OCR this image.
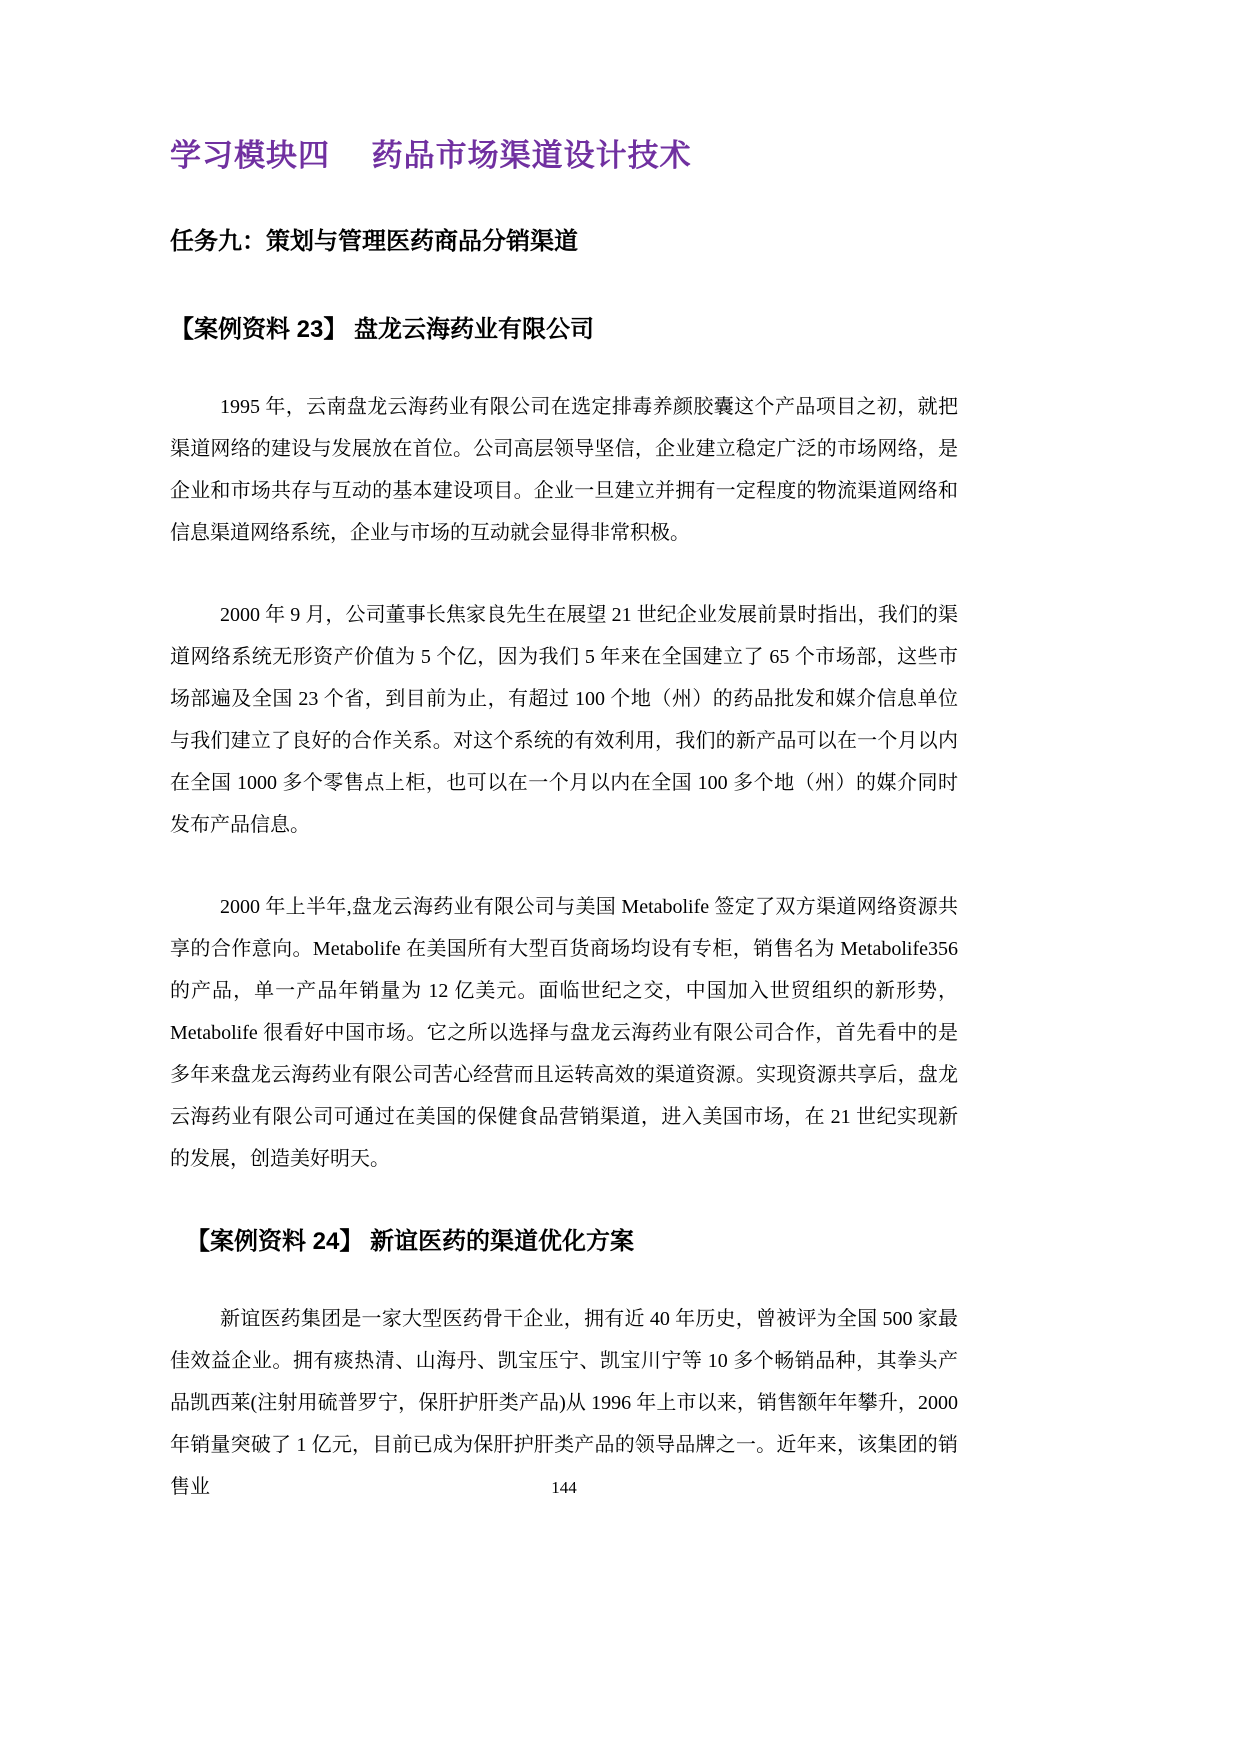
学习模块四　 药品市场渠道设计技术
任务九：策划与管理医药商品分销渠道
【案例资料 23】 盘龙云海药业有限公司

1995 年，云南盘龙云海药业有限公司在选定排毒养颜胶囊这个产品项目之初，就把渠道网络的建设与发展放在首位。公司高层领导坚信，企业建立稳定广泛的市场网络，是企业和市场共存与互动的基本建设项目。企业一旦建立并拥有一定程度的物流渠道网络和信息渠道网络系统，企业与市场的互动就会显得非常积极。

2000 年 9 月，公司董事长焦家良先生在展望 21 世纪企业发展前景时指出，我们的渠道网络系统无形资产价值为 5 个亿，因为我们 5 年来在全国建立了 65 个市场部，这些市场部遍及全国 23 个省，到目前为止，有超过 100 个地（州）的药品批发和媒介信息单位与我们建立了良好的合作关系。对这个系统的有效利用，我们的新产品可以在一个月以内在全国 1000 多个零售点上柜，也可以在一个月以内在全国 100 多个地（州）的媒介同时发布产品信息。

2000 年上半年,盘龙云海药业有限公司与美国 Metabolife 签定了双方渠道网络资源共享的合作意向。Metabolife 在美国所有大型百货商场均设有专柜，销售名为 Metabolife356 的产品，单一产品年销量为 12 亿美元。面临世纪之交，中国加入世贸组织的新形势，Metabolife 很看好中国市场。它之所以选择与盘龙云海药业有限公司合作，首先看中的是多年来盘龙云海药业有限公司苦心经营而且运转高效的渠道资源。实现资源共享后，盘龙云海药业有限公司可通过在美国的保健食品营销渠道，进入美国市场，在 21 世纪实现新的发展，创造美好明天。

【案例资料 24】 新谊医药的渠道优化方案

新谊医药集团是一家大型医药骨干企业，拥有近 40 年历史，曾被评为全国 500 家最佳效益企业。拥有痰热清、山海丹、凯宝压宁、凯宝川宁等 10 多个畅销品种，其拳头产品凯西莱(注射用硫普罗宁，保肝护肝类产品)从 1996 年上市以来，销售额年年攀升，2000 年销量突破了 1 亿元，目前已成为保肝护肝类产品的领导品牌之一。近年来，该集团的销售业	144
